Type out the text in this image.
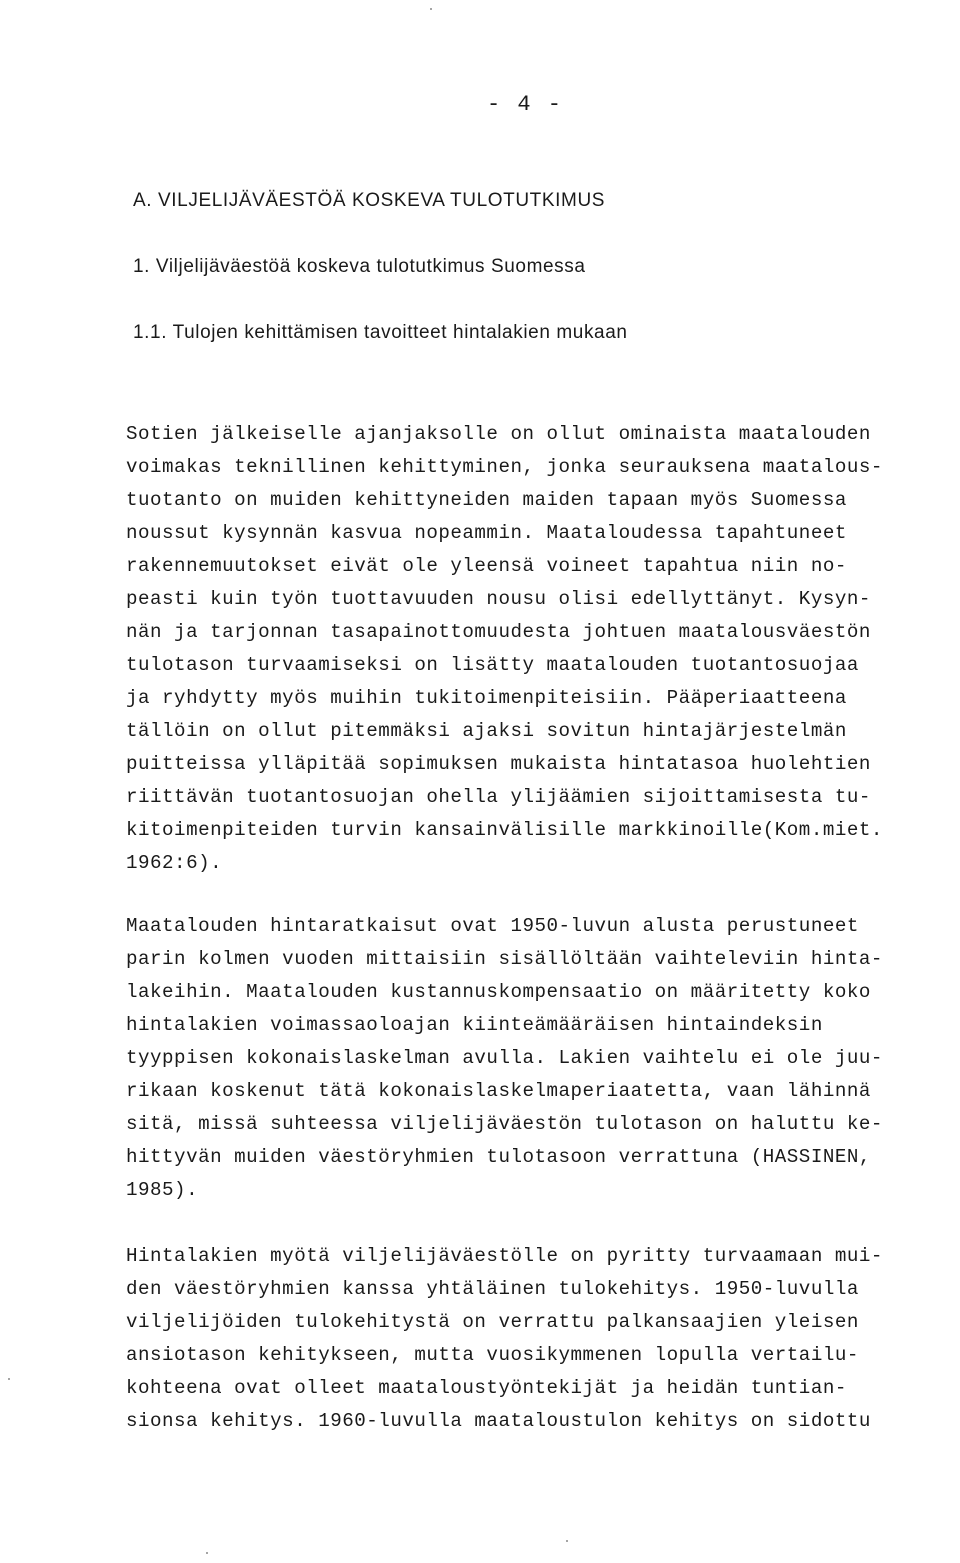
- 4 -
A. VILJELIJÄVÄESTÖÄ KOSKEVA TULOTUTKIMUS
1. Viljelijäväestöä koskeva tulotutkimus Suomessa
1.1. Tulojen kehittämisen tavoitteet hintalakien mukaan
Sotien jälkeiselle ajanjaksolle on ollut ominaista maatalouden
voimakas teknillinen kehittyminen, jonka seurauksena maatalous-
tuotanto on muiden kehittyneiden maiden tapaan myös Suomessa
noussut kysynnän kasvua nopeammin. Maataloudessa tapahtuneet
rakennemuutokset eivät ole yleensä voineet tapahtua niin no-
peasti kuin työn tuottavuuden nousu olisi edellyttänyt. Kysyn-
nän ja tarjonnan tasapainottomuudesta johtuen maatalousväestön
tulotason turvaamiseksi on lisätty maatalouden tuotantosuojaa
ja ryhdytty myös muihin tukitoimenpiteisiin. Pääperiaatteena
tällöin on ollut pitemmäksi ajaksi sovitun hintajärjestelmän
puitteissa ylläpitää sopimuksen mukaista hintatasoa huolehtien
riittävän tuotantosuojan ohella ylijäämien sijoittamisesta tu-
kitoimenpiteiden turvin kansainvälisille markkinoille(Kom.miet.
1962:6).
Maatalouden hintaratkaisut ovat 1950-luvun alusta perustuneet
parin kolmen vuoden mittaisiin sisällöltään vaihteleviin hinta-
lakeihin. Maatalouden kustannuskompensaatio on määritetty koko
hintalakien voimassaoloajan kiinteämääräisen hintaindeksin
tyyppisen kokonaislaskelman avulla. Lakien vaihtelu ei ole juu-
rikaan koskenut tätä kokonaislaskelmaperiaatetta, vaan lähinnä
sitä, missä suhteessa viljelijäväestön tulotason on haluttu ke-
hittyvän muiden väestöryhmien tulotasoon verrattuna (HASSINEN,
1985).
Hintalakien myötä viljelijäväestölle on pyritty turvaamaan mui-
den väestöryhmien kanssa yhtäläinen tulokehitys. 1950-luvulla
viljelijöiden tulokehitystä on verrattu palkansaajien yleisen
ansiotason kehitykseen, mutta vuosikymmenen lopulla vertailu-
kohteena ovat olleet maataloustyöntekijät ja heidän tuntian-
sionsa kehitys. 1960-luvulla maataloustulon kehitys on sidottu
